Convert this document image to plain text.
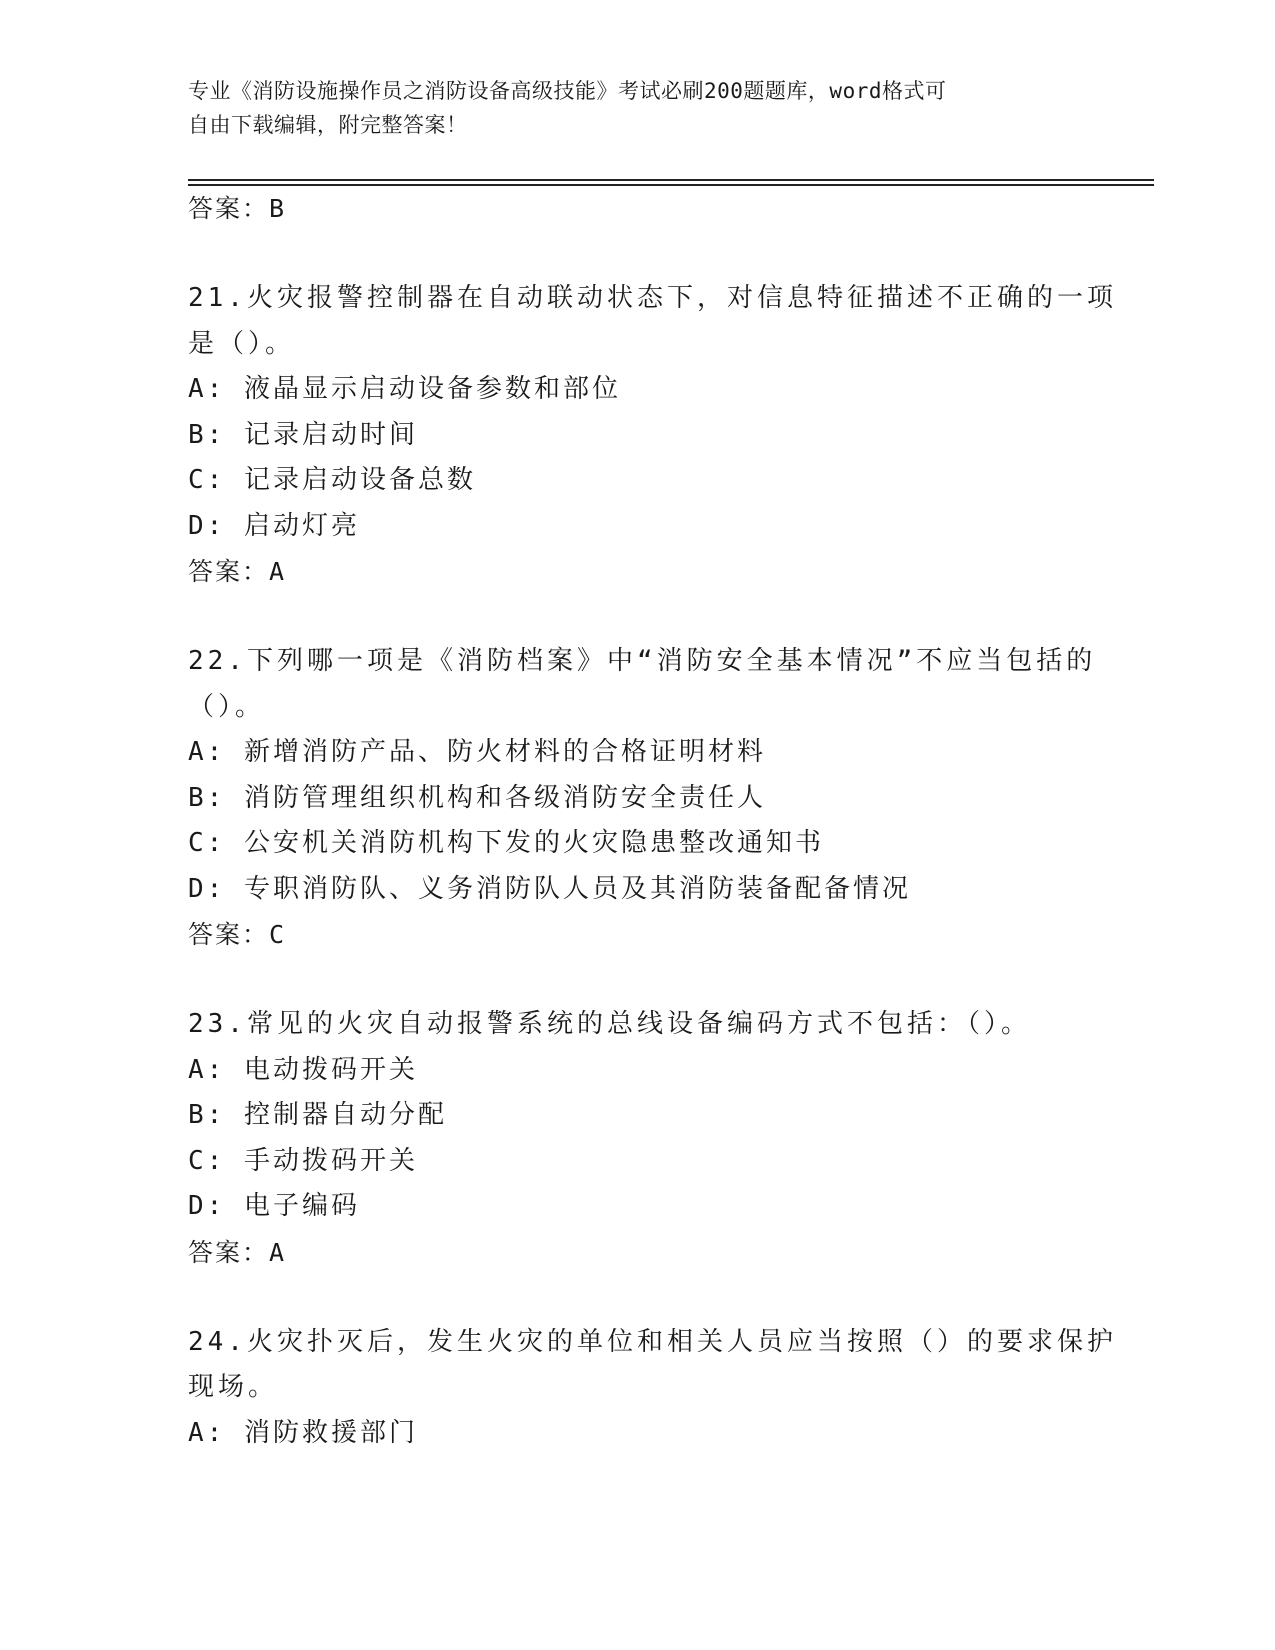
专业《消防设施操作员之消防设备高级技能》考试必刷200题题库，word格式可
自由下载编辑，附完整答案！
答案：B
21.火灾报警控制器在自动联动状态下，对信息特征描述不正确的一项
是（）。
A: 液晶显示启动设备参数和部位
B: 记录启动时间
C: 记录启动设备总数
D: 启动灯亮
答案：A
22.下列哪一项是《消防档案》中“消防安全基本情况”不应当包括的
（）。
A: 新增消防产品、防火材料的合格证明材料
B: 消防管理组织机构和各级消防安全责任人
C: 公安机关消防机构下发的火灾隐患整改通知书
D: 专职消防队、义务消防队人员及其消防装备配备情况
答案：C
23.常见的火灾自动报警系统的总线设备编码方式不包括：（）。
A: 电动拨码开关
B: 控制器自动分配
C: 手动拨码开关
D: 电子编码
答案：A
24.火灾扑灭后，发生火灾的单位和相关人员应当按照（）的要求保护
现场。
A: 消防救援部门
